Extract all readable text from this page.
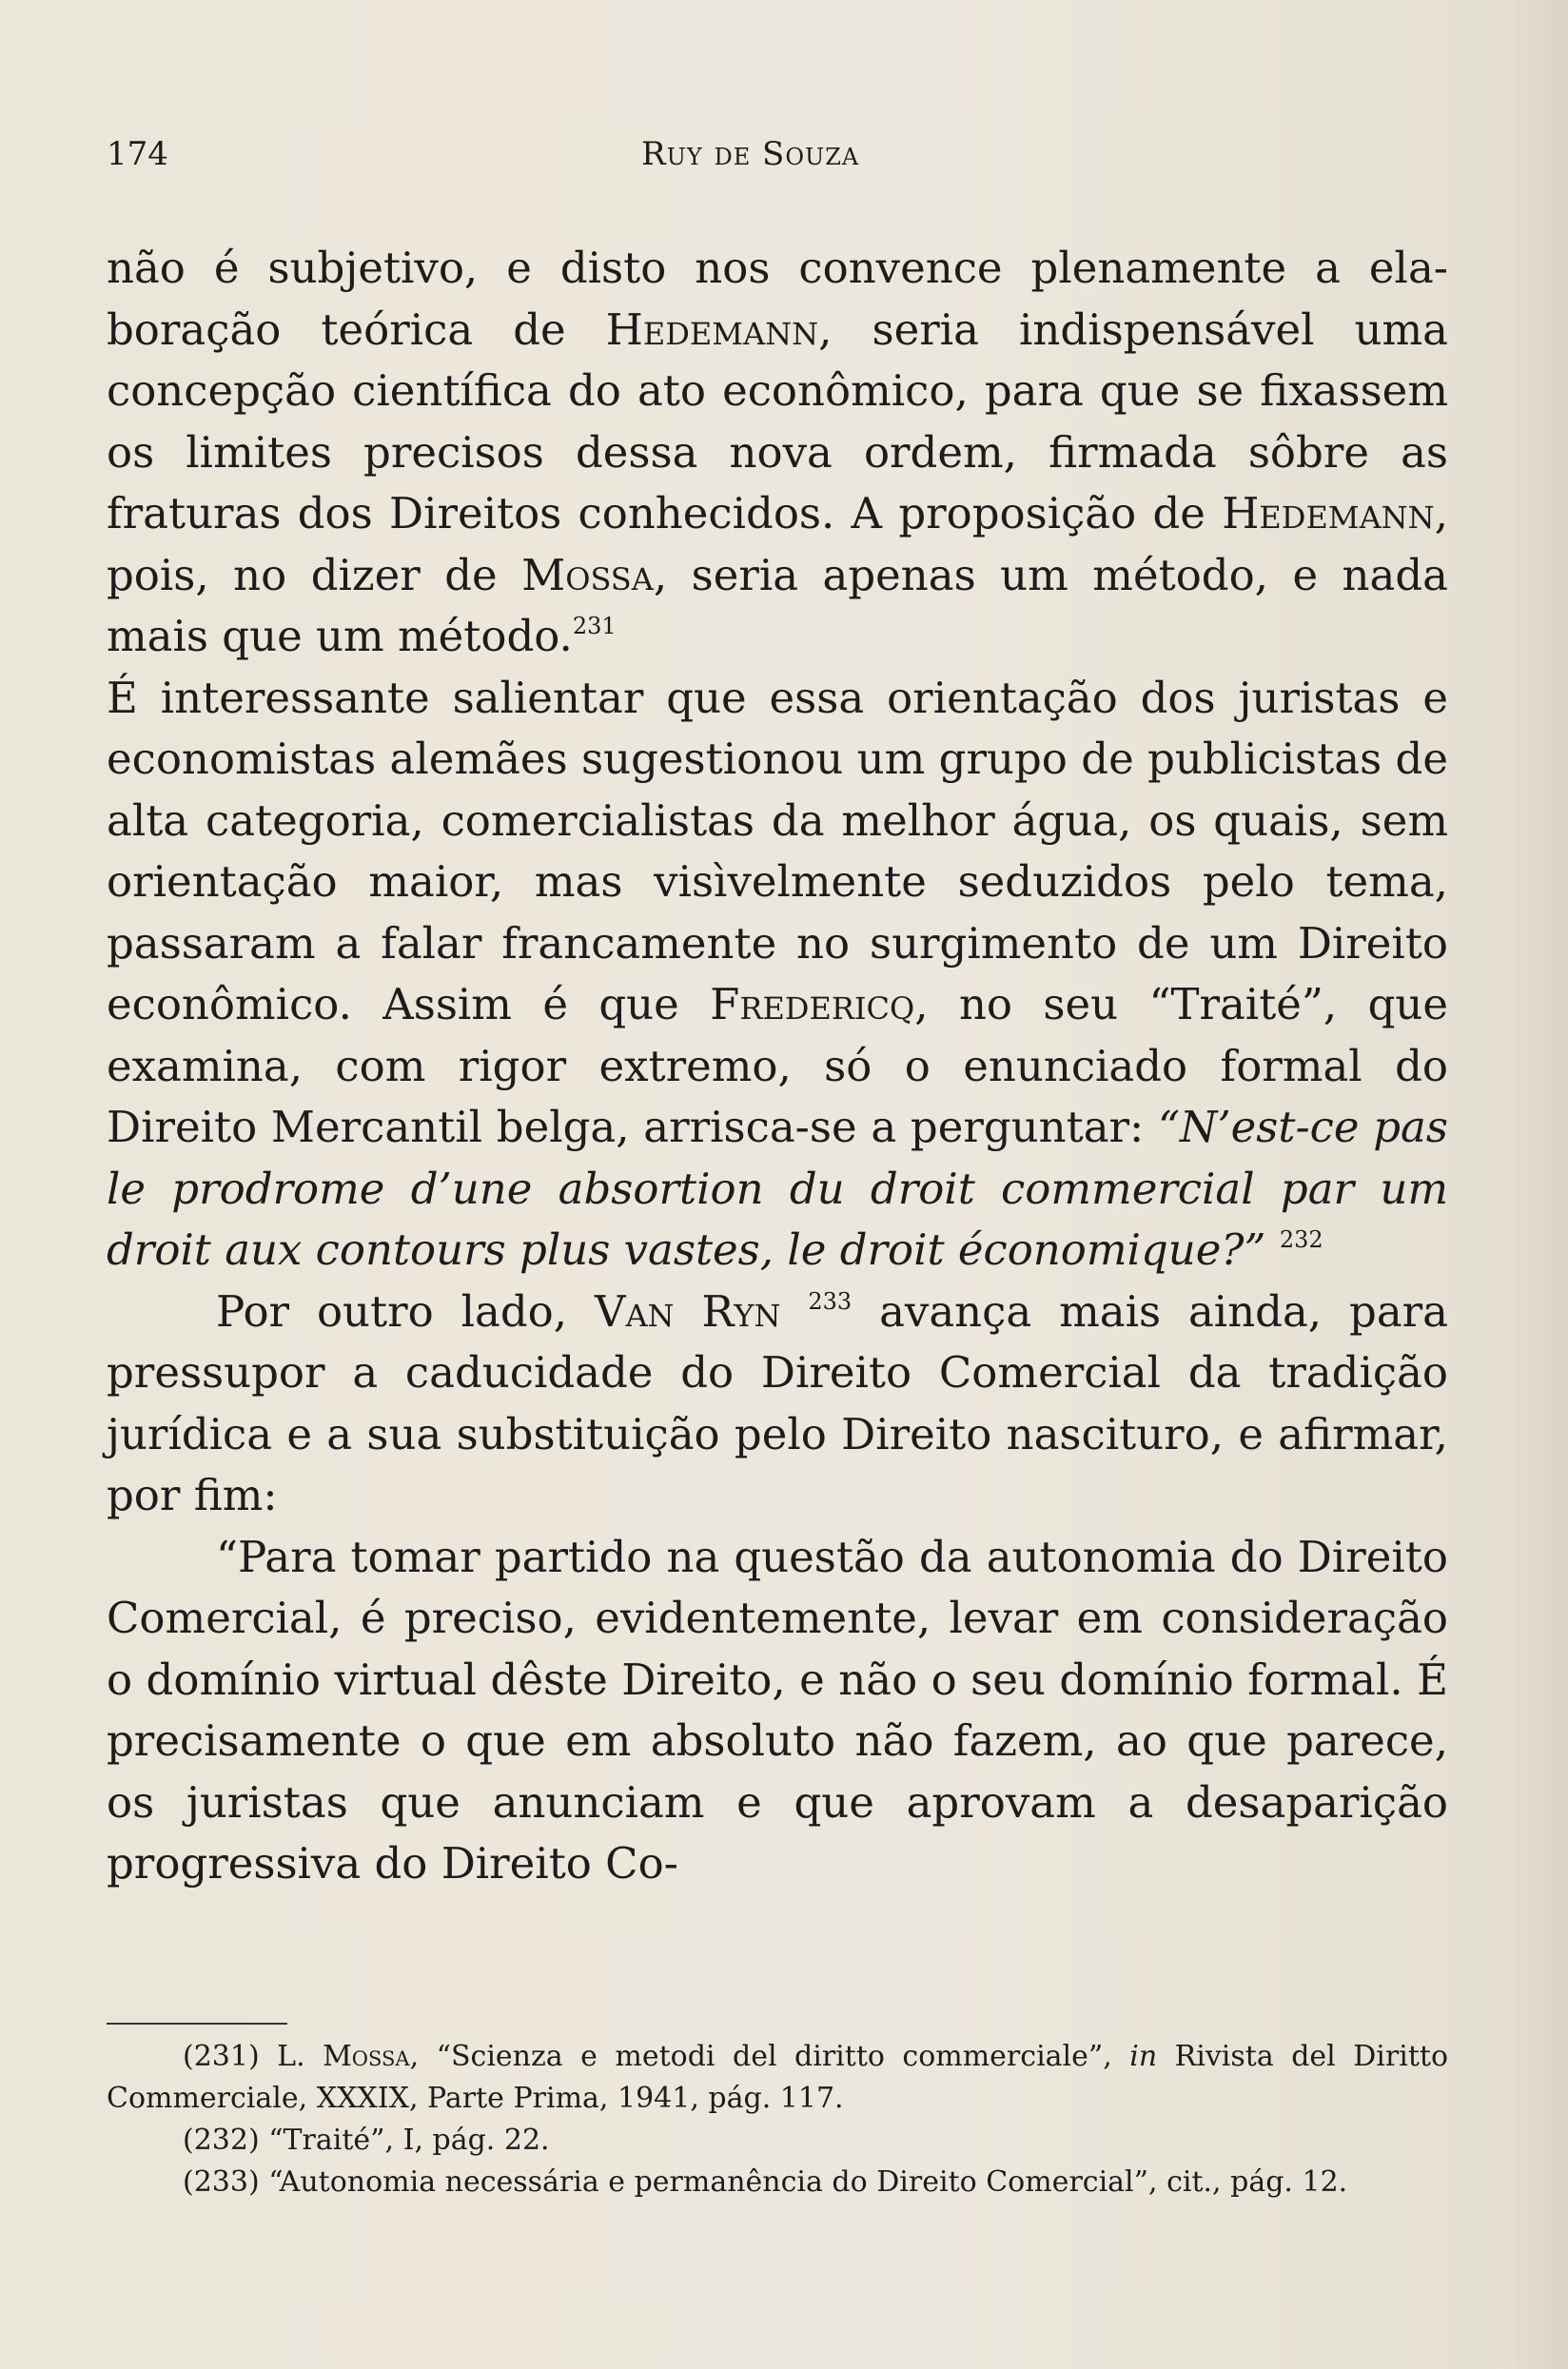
174	Ruy de Souza

não é subjetivo, e disto nos convence plenamente a elaboração teórica de Hedemann, seria indispensável uma concepção científica do ato econômico, para que se fixassem os limites precisos dessa nova ordem, firmada sôbre as fraturas dos Direitos conhecidos. A proposição de Hedemann, pois, no dizer de Mossa, seria apenas um método, e nada mais que um método.$^{231}$

É interessante salientar que essa orientação dos juristas e economistas alemães sugestionou um grupo de publicistas de alta categoria, comercialistas da melhor água, os quais, sem orientação maior, mas visìvelmente seduzidos pelo tema, passaram a falar francamente no surgimento de um Direito econômico. Assim é que Fredericq, no seu “Traité”, que examina, com rigor extremo, só o enunciado formal do Direito Mercantil belga, arrisca-se a perguntar: “N’est-ce pas le prodrome d’une absortion du droit commercial par um droit aux contours plus vastes, le droit économique?” $^{232}$

Por outro lado, Van Ryn $^{233}$ avança mais ainda, para pressupor a caducidade do Direito Comercial da tradição jurídica e a sua substituição pelo Direito nascituro, e afirmar, por fim:

“Para tomar partido na questão da autonomia do Direito Comercial, é preciso, evidentemente, levar em consideração o domínio virtual dêste Direito, e não o seu domínio formal. É precisamente o que em absoluto não fazem, ao que parece, os juristas que anunciam e que aprovam a desaparição progressiva do Direito Co-

(231) L. Mossa, “Scienza e metodi del diritto commerciale”, in Rivista del Diritto Commerciale, XXXIX, Parte Prima, 1941, pág. 117.

(232) “Traité”, I, pág. 22.

(233) “Autonomia necessária e permanência do Direito Comercial”, cit., pág. 12.
